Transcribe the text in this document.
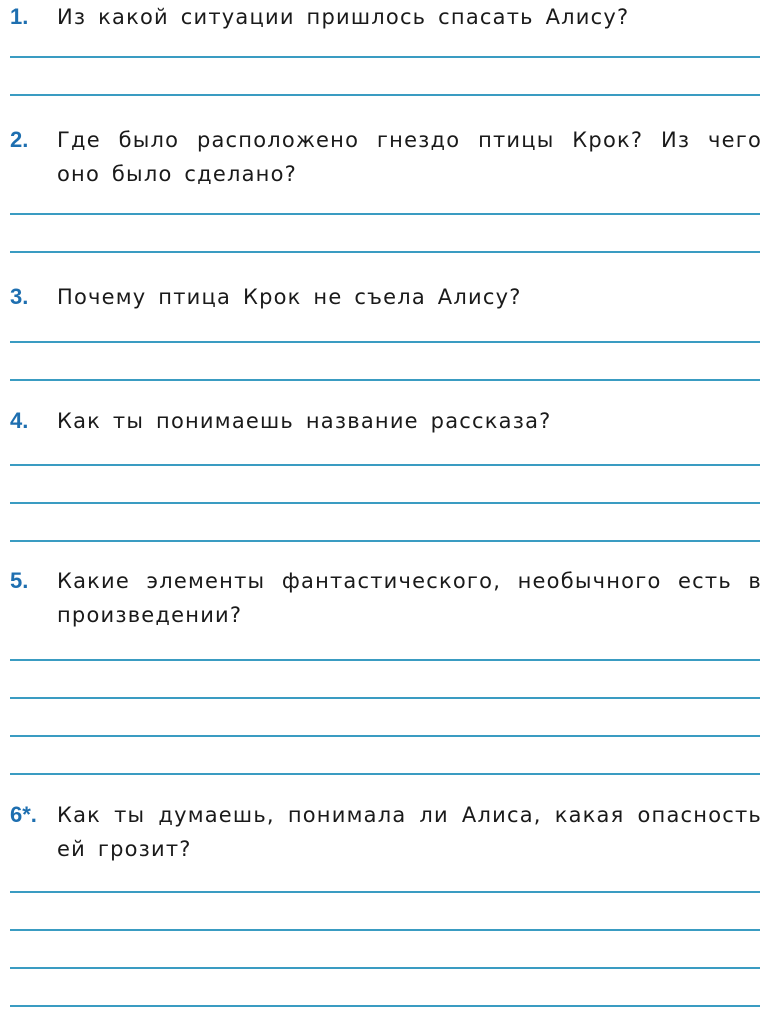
1. Из какой ситуации пришлось спасать Алису?
2. Где было расположено гнездо птицы Крок? Из чего оно было сделано?
3. Почему птица Крок не съела Алису?
4. Как ты понимаешь название рассказа?
5. Какие элементы фантастического, необычного есть в произведении?
6*. Как ты думаешь, понимала ли Алиса, какая опасность ей грозит?
